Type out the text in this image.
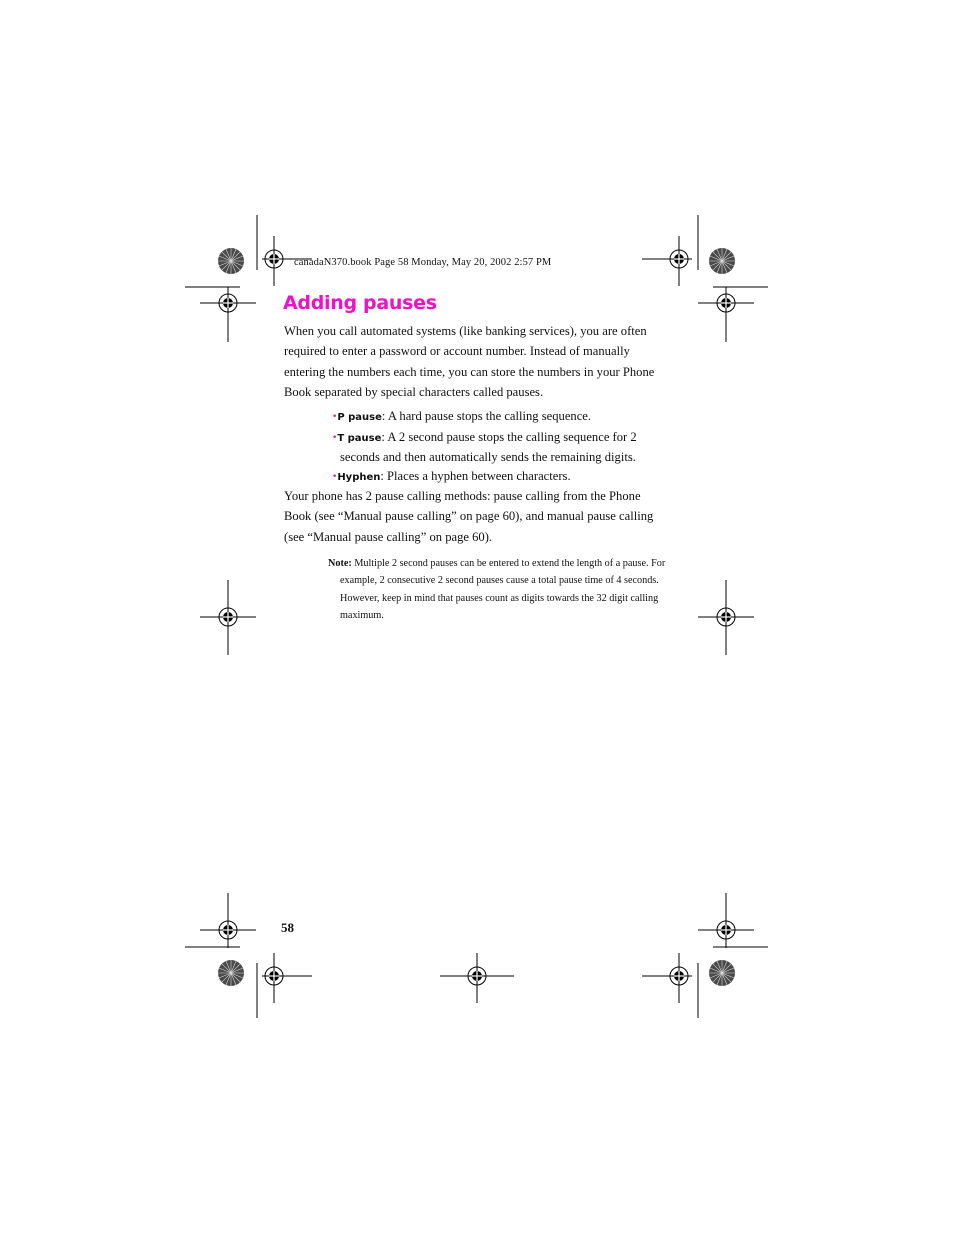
canadaN370.book Page 58 Monday, May 20, 2002 2:57 PM
Adding pauses

When you call automated systems (like banking services), you are often required to enter a password or account number. Instead of manually entering the numbers each time, you can store the numbers in your Phone Book separated by special characters called pauses.

•P pause: A hard pause stops the calling sequence.
•T pause: A 2 second pause stops the calling sequence for 2 seconds and then automatically sends the remaining digits.
•Hyphen: Places a hyphen between characters.

Your phone has 2 pause calling methods: pause calling from the Phone Book (see “Manual pause calling” on page 60), and manual pause calling (see “Manual pause calling” on page 60).

Note: Multiple 2 second pauses can be entered to extend the length of a pause. For example, 2 consecutive 2 second pauses cause a total pause time of 4 seconds. However, keep in mind that pauses count as digits towards the 32 digit calling maximum.

58
